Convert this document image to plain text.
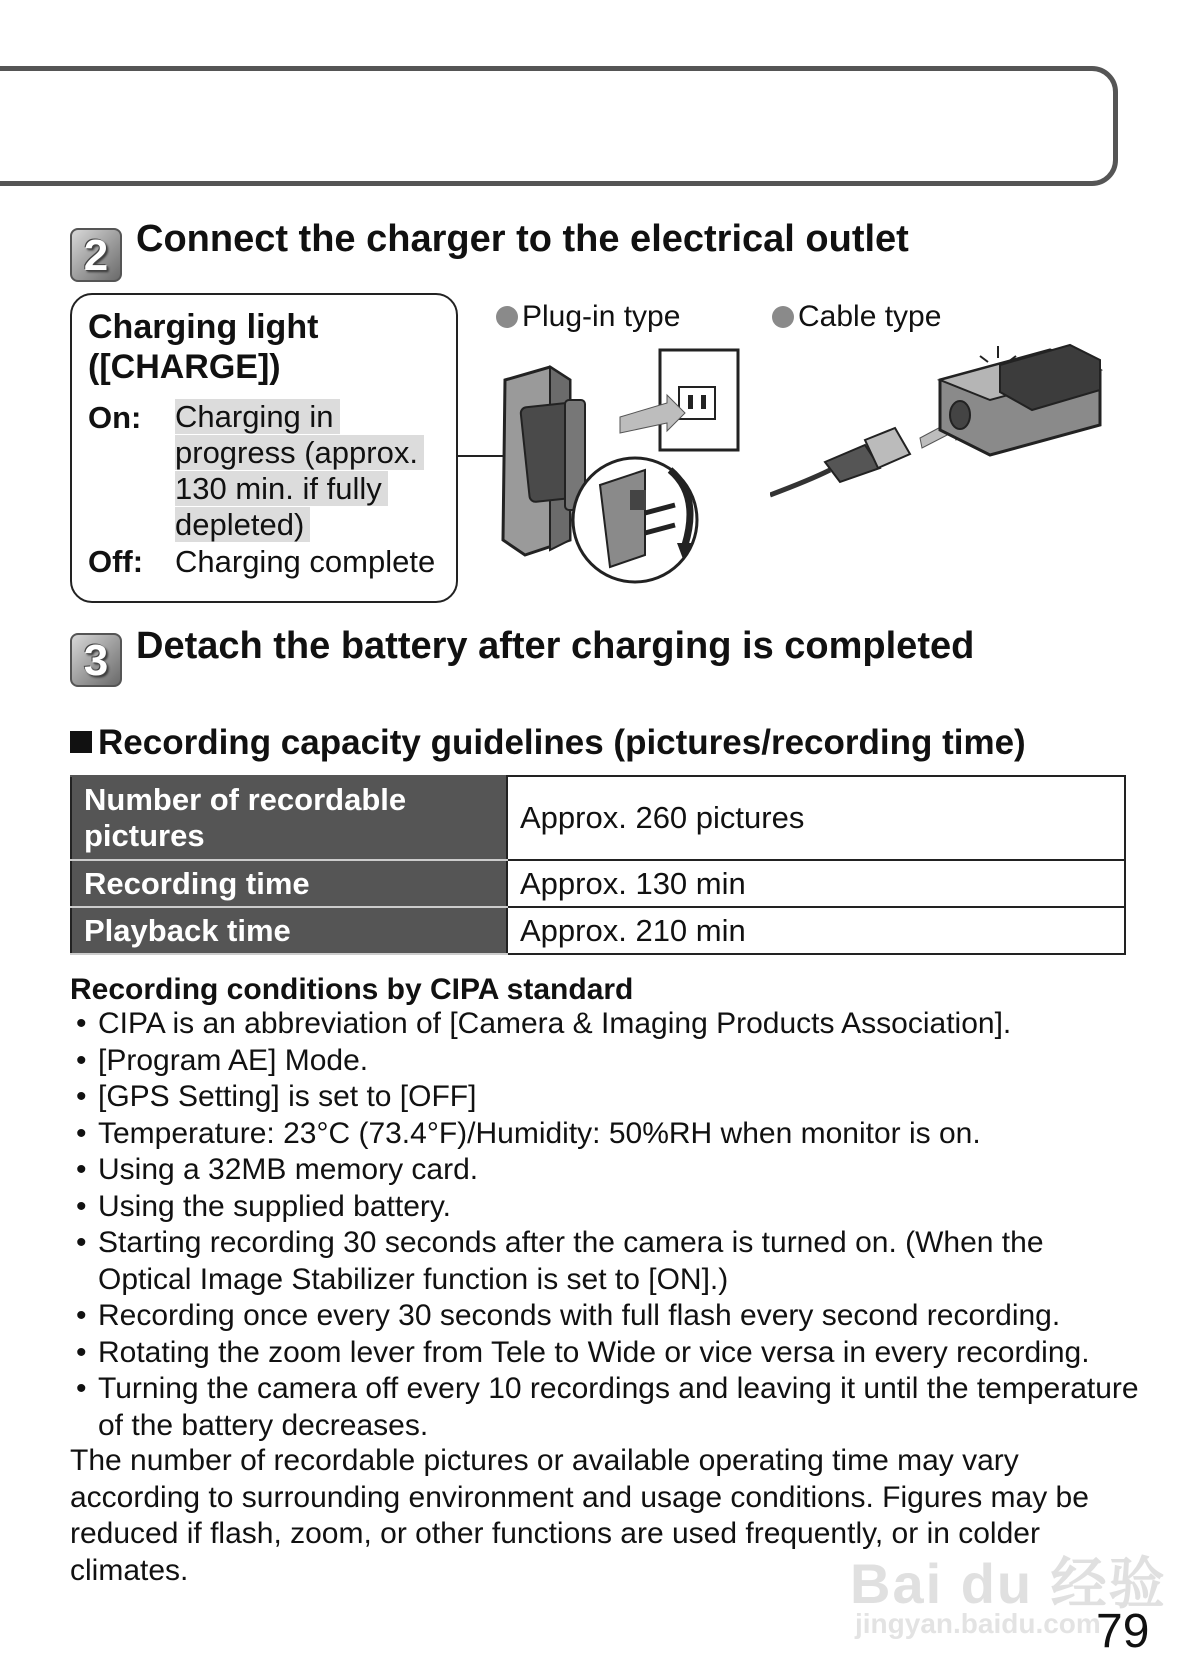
2 Connect the charger to the electrical outlet
Charging light ([CHARGE])
On: Charging in
progress (approx.
130 min. if fully
depleted)
Off: Charging complete
Plug-in type	Cable type
3 Detach the battery after charging is completed
Recording capacity guidelines (pictures/recording time)
Number of recordable pictures	Approx. 260 pictures
Recording time	Approx. 130 min
Playback time	Approx. 210 min
Recording conditions by CIPA standard
• CIPA is an abbreviation of [Camera & Imaging Products Association].
• [Program AE] Mode.
• [GPS Setting] is set to [OFF]
• Temperature: 23°C (73.4°F)/Humidity: 50%RH when monitor is on.
• Using a 32MB memory card.
• Using the supplied battery.
• Starting recording 30 seconds after the camera is turned on. (When the Optical Image Stabilizer function is set to [ON].)
• Recording once every 30 seconds with full flash every second recording.
• Rotating the zoom lever from Tele to Wide or vice versa in every recording.
• Turning the camera off every 10 recordings and leaving it until the temperature of the battery decreases.
The number of recordable pictures or available operating time may vary according to surrounding environment and usage conditions. Figures may be reduced if flash, zoom, or other functions are used frequently, or in colder climates.	Bai du 经验
jingyan.baidu.com
79
